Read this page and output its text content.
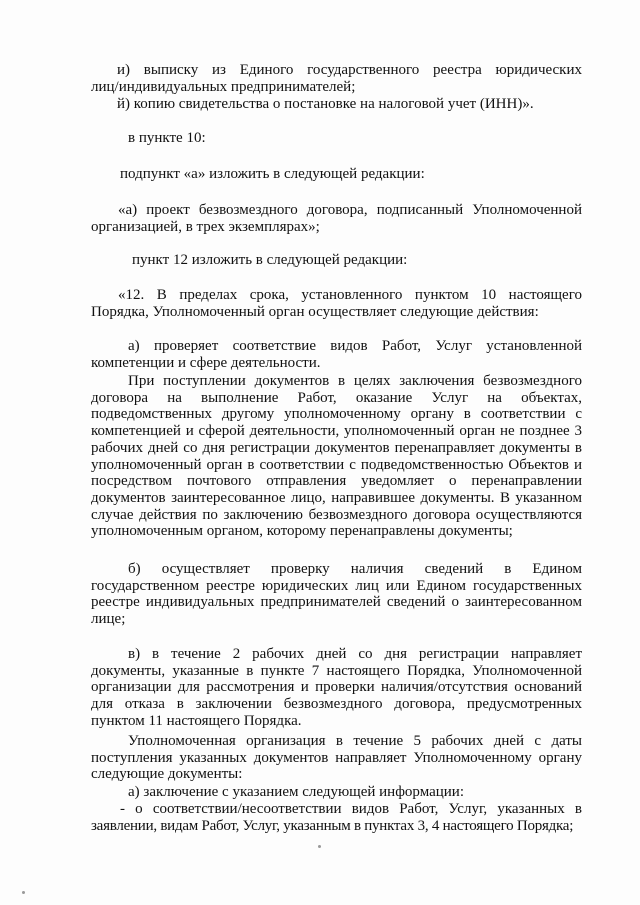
и) выписку из Единого государственного реестра юридических
лиц/индивидуальных предпринимателей;

й) копию свидетельства о постановке на налоговой учет (ИНН)».

в пункте 10:

подпункт «а» изложить в следующей редакции:

«а) проект безвозмездного договора, подписанный Уполномоченной
организацией, в трех экземплярах»;

пункт 12 изложить в следующей редакции:

«12. В пределах срока, установленного пунктом 10 настоящего
Порядка, Уполномоченный орган осуществляет следующие действия:

а) проверяет соответствие видов Работ, Услуг установленной
компетенции и сфере деятельности.

При поступлении документов в целях заключения безвозмездного
договора на выполнение Работ, оказание Услуг на объектах,
подведомственных другому уполномоченному органу в соответствии с
компетенцией и сферой деятельности, уполномоченный орган не позднее 3
рабочих дней со дня регистрации документов перенаправляет документы в
уполномоченный орган в соответствии с подведомственностью Объектов и
посредством почтового отправления уведомляет о перенаправлении
документов заинтересованное лицо, направившее документы. В указанном
случае действия по заключению безвозмездного договора осуществляются
уполномоченным органом, которому перенаправлены документы;

б) осуществляет проверку наличия сведений в Едином
государственном реестре юридических лиц или Едином государственных
реестре индивидуальных предпринимателей сведений о заинтересованном
лице;

в) в течение 2 рабочих дней со дня регистрации направляет
документы, указанные в пункте 7 настоящего Порядка, Уполномоченной
организации для рассмотрения и проверки наличия/отсутствия оснований
для отказа в заключении безвозмездного договора, предусмотренных
пунктом 11 настоящего Порядка.

Уполномоченная организация в течение 5 рабочих дней с даты
поступления указанных документов направляет Уполномоченному органу
следующие документы:

а) заключение с указанием следующей информации:

- о соответствии/несоответствии видов Работ, Услуг, указанных в
заявлении, видам Работ, Услуг, указанным в пунктах 3, 4 настоящего Порядка;
